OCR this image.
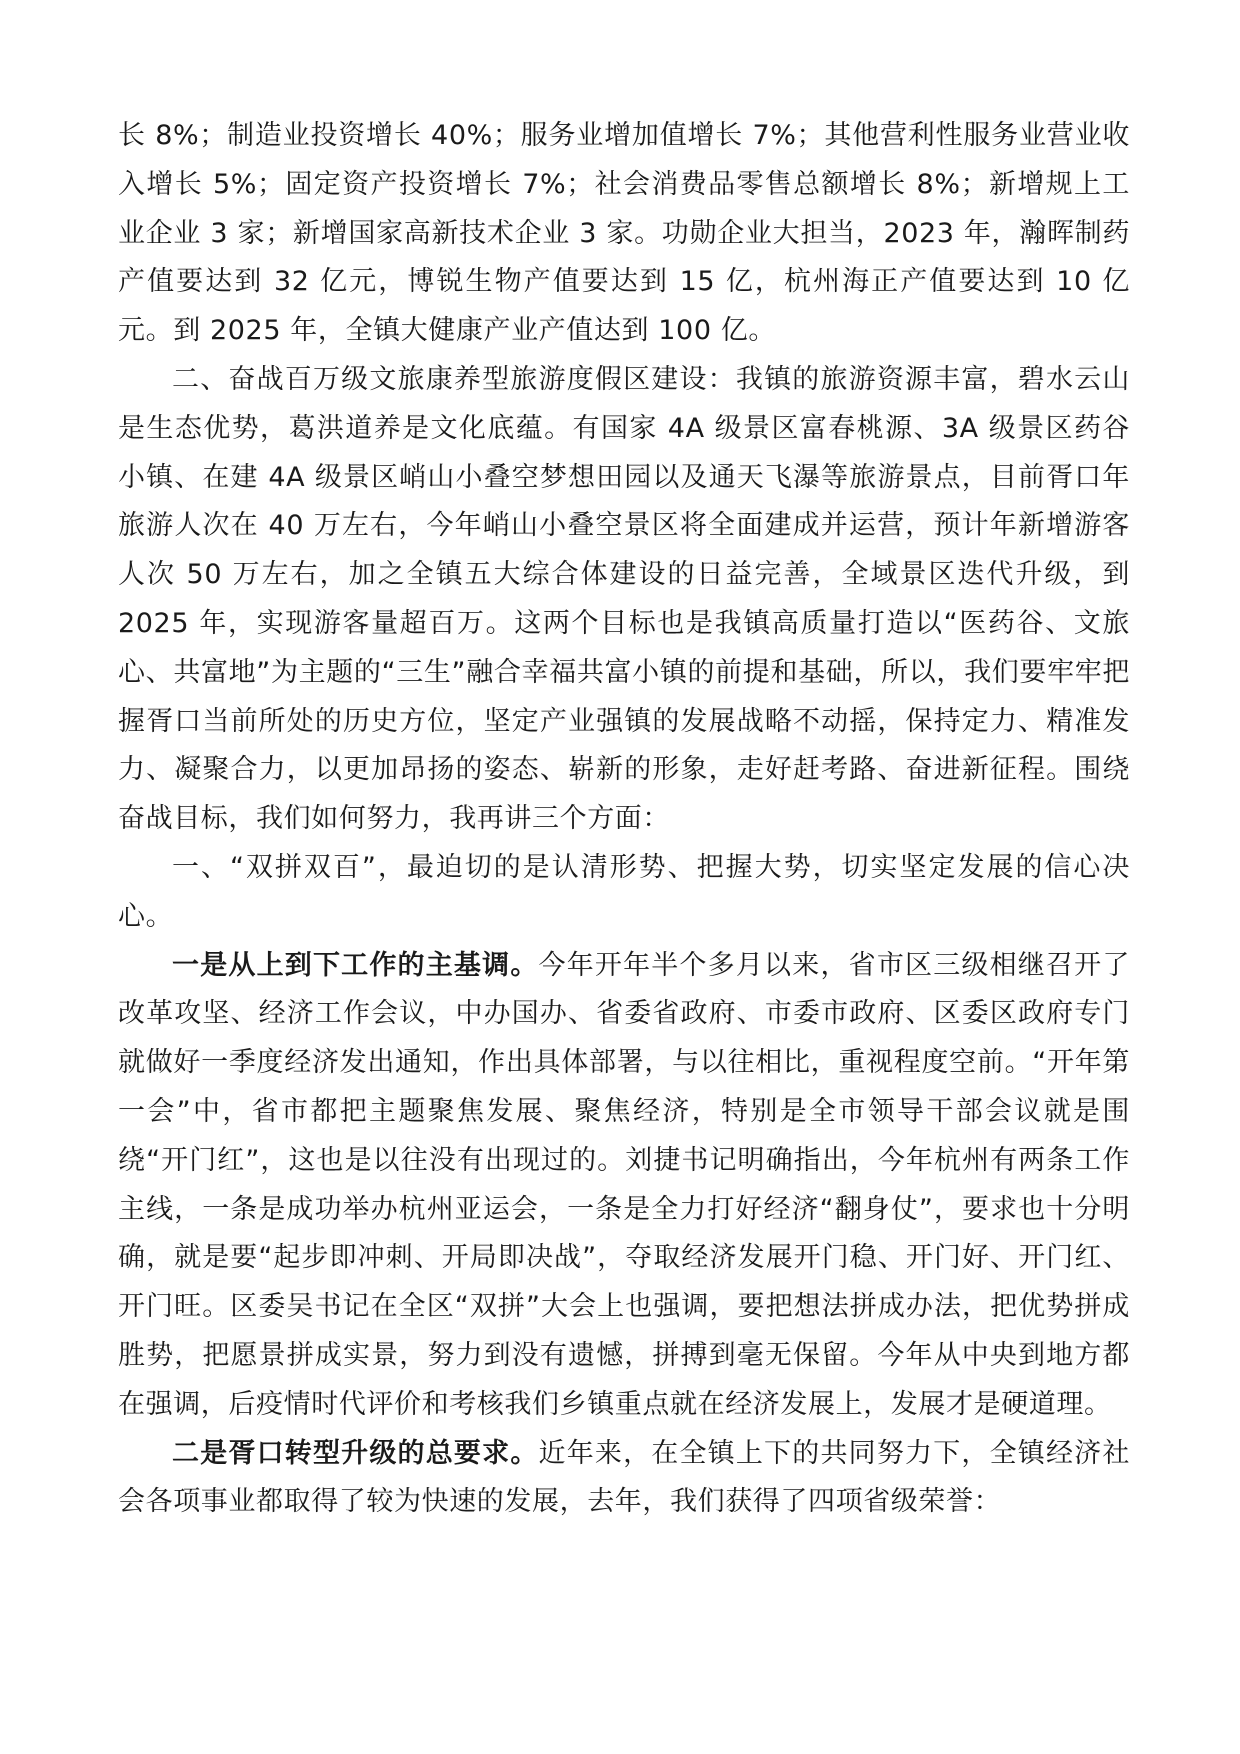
长 8%；制造业投资增长 40%；服务业增加值增长 7%；其他营利性服务业营业收入增长 5%；固定资产投资增长 7%；社会消费品零售总额增长 8%；新增规上工业企业 3 家；新增国家高新技术企业 3 家。功勋企业大担当，2023 年，瀚晖制药产值要达到 32 亿元，博锐生物产值要达到 15 亿，杭州海正产值要达到 10 亿元。到 2025 年，全镇大健康产业产值达到 100 亿。

二、奋战百万级文旅康养型旅游度假区建设：我镇的旅游资源丰富，碧水云山是生态优势，葛洪道养是文化底蕴。有国家 4A 级景区富春桃源、3A 级景区药谷小镇、在建 4A 级景区峭山小叠空梦想田园以及通天飞瀑等旅游景点，目前胥口年旅游人次在 40 万左右，今年峭山小叠空景区将全面建成并运营，预计年新增游客人次 50 万左右，加之全镇五大综合体建设的日益完善，全域景区迭代升级，到 2025 年，实现游客量超百万。这两个目标也是我镇高质量打造以“医药谷、文旅心、共富地”为主题的“三生”融合幸福共富小镇的前提和基础，所以，我们要牢牢把握胥口当前所处的历史方位，坚定产业强镇的发展战略不动摇，保持定力、精准发力、凝聚合力，以更加昂扬的姿态、崭新的形象，走好赶考路、奋进新征程。围绕奋战目标，我们如何努力，我再讲三个方面：

一、“双拼双百”，最迫切的是认清形势、把握大势，切实坚定发展的信心决心。

一是从上到下工作的主基调。今年开年半个多月以来，省市区三级相继召开了改革攻坚、经济工作会议，中办国办、省委省政府、市委市政府、区委区政府专门就做好一季度经济发出通知，作出具体部署，与以往相比，重视程度空前。“开年第一会”中，省市都把主题聚焦发展、聚焦经济，特别是全市领导干部会议就是围绕“开门红”，这也是以往没有出现过的。刘捷书记明确指出，今年杭州有两条工作主线，一条是成功举办杭州亚运会，一条是全力打好经济“翻身仗”，要求也十分明确，就是要“起步即冲刺、开局即决战”，夺取经济发展开门稳、开门好、开门红、开门旺。区委吴书记在全区“双拼”大会上也强调，要把想法拼成办法，把优势拼成胜势，把愿景拼成实景，努力到没有遗憾，拼搏到毫无保留。今年从中央到地方都在强调，后疫情时代评价和考核我们乡镇重点就在经济发展上，发展才是硬道理。

二是胥口转型升级的总要求。近年来，在全镇上下的共同努力下，全镇经济社会各项事业都取得了较为快速的发展，去年，我们获得了四项省级荣誉：
